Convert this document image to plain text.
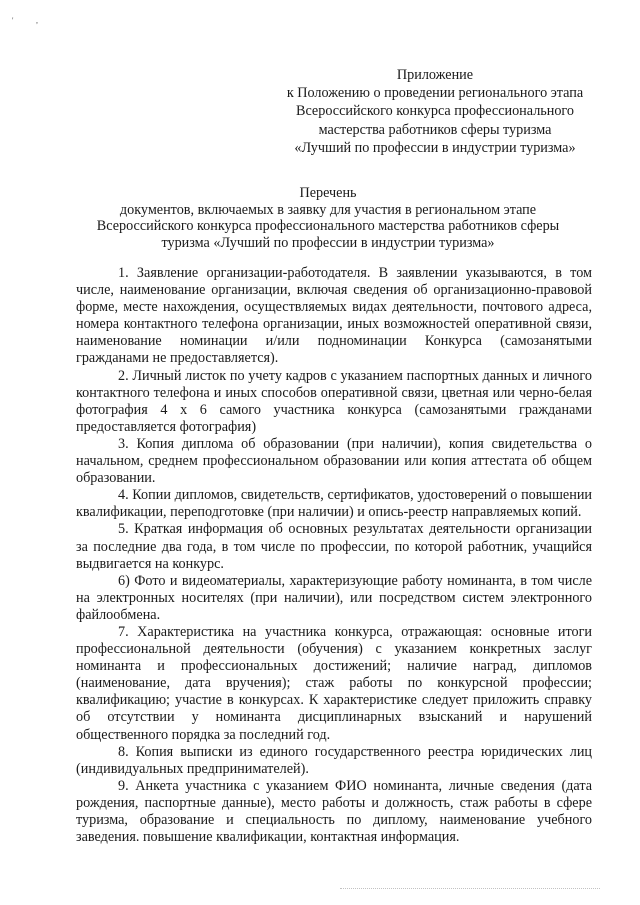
'	,
Приложение
к Положению о проведении регионального этапа
Всероссийского конкурса профессионального
мастерства работников сферы туризма
«Лучший по профессии в индустрии туризма»
Перечень
документов, включаемых в заявку для участия в региональном этапе
Всероссийского конкурса профессионального мастерства работников сферы
туризма «Лучший по профессии в индустрии туризма»

1. Заявление организации-работодателя. В заявлении указываются, в том числе, наименование организации, включая сведения об организационно-правовой форме, месте нахождения, осуществляемых видах деятельности, почтового адреса, номера контактного телефона организации, иных возможностей оперативной связи, наименование номинации и/или подноминации Конкурса (самозанятыми гражданами не предоставляется).

2. Личный листок по учету кадров с указанием паспортных данных и личного контактного телефона и иных способов оперативной связи, цветная или черно-белая фотография 4 х 6 самого участника конкурса (самозанятыми гражданами предоставляется фотография)

3. Копия диплома об образовании (при наличии), копия свидетельства о начальном, среднем профессиональном образовании или копия аттестата об общем образовании.

4. Копии дипломов, свидетельств, сертификатов, удостоверений о повышении квалификации, переподготовке (при наличии) и опись-реестр направляемых копий.

5. Краткая информация об основных результатах деятельности организации за последние два года, в том числе по профессии, по которой работник, учащийся выдвигается на конкурс.

6) Фото и видеоматериалы, характеризующие работу номинанта, в том числе на электронных носителях (при наличии), или посредством систем электронного файлообмена.

7. Характеристика на участника конкурса, отражающая: основные итоги профессиональной деятельности (обучения) с указанием конкретных заслуг номинанта и профессиональных достижений; наличие наград, дипломов (наименование, дата вручения); стаж работы по конкурсной профессии; квалификацию; участие в конкурсах. К характеристике следует приложить справку об отсутствии у номинанта дисциплинарных взысканий и нарушений общественного порядка за последний год.

8. Копия выписки из единого государственного реестра юридических лиц (индивидуальных предпринимателей).

9. Анкета участника с указанием ФИО номинанта, личные сведения (дата рождения, паспортные данные), место работы и должность, стаж работы в сфере туризма, образование и специальность по диплому, наименование учебного заведения. повышение квалификации, контактная информация.
